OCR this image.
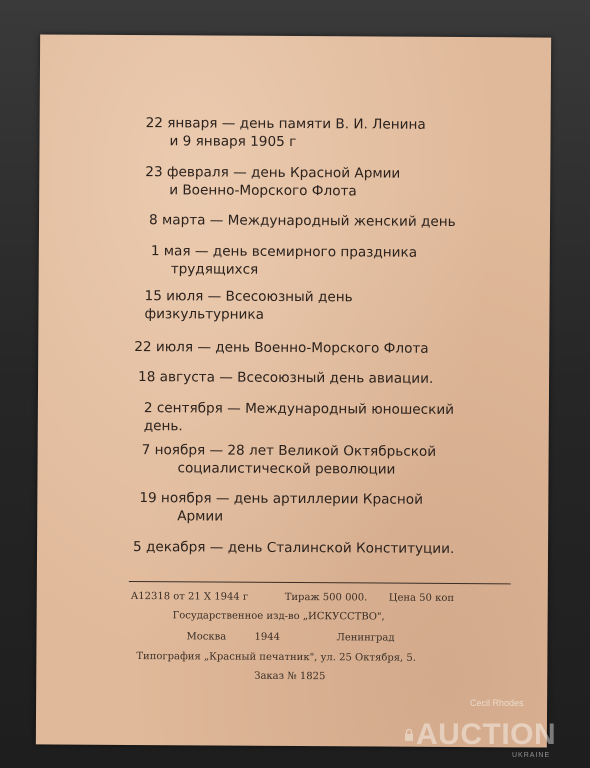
22 января — день памяти В. И. Ленина
и 9 января 1905 г
23 февраля — день Красной Армии
и Военно-Морского Флота
8 марта — Международный женский день
1 мая — день всемирного праздника
трудящихся
15 июля — Всесоюзный день
физкультурника
22 июля — день Военно-Морского Флота
18 августа — Всесоюзный день авиации.
2 сентября — Международный юношеский
день.
7 ноября — 28 лет Великой Октябрьской
социалистической революции
19 ноября — день артиллерии Красной
Армии
5 декабря — день Сталинской Конституции.
А12318 от 21 X 1944 г	Тираж 500 000. Цена 50 коп
Государственное изд-во „ИСКУССТВО",
Москва	1944	Ленинград
Типография „Красный печатник", ул. 25 Октября, 5.
Заказ № 1825
Cecil Rhodes
AUCTION
UKRAINE
